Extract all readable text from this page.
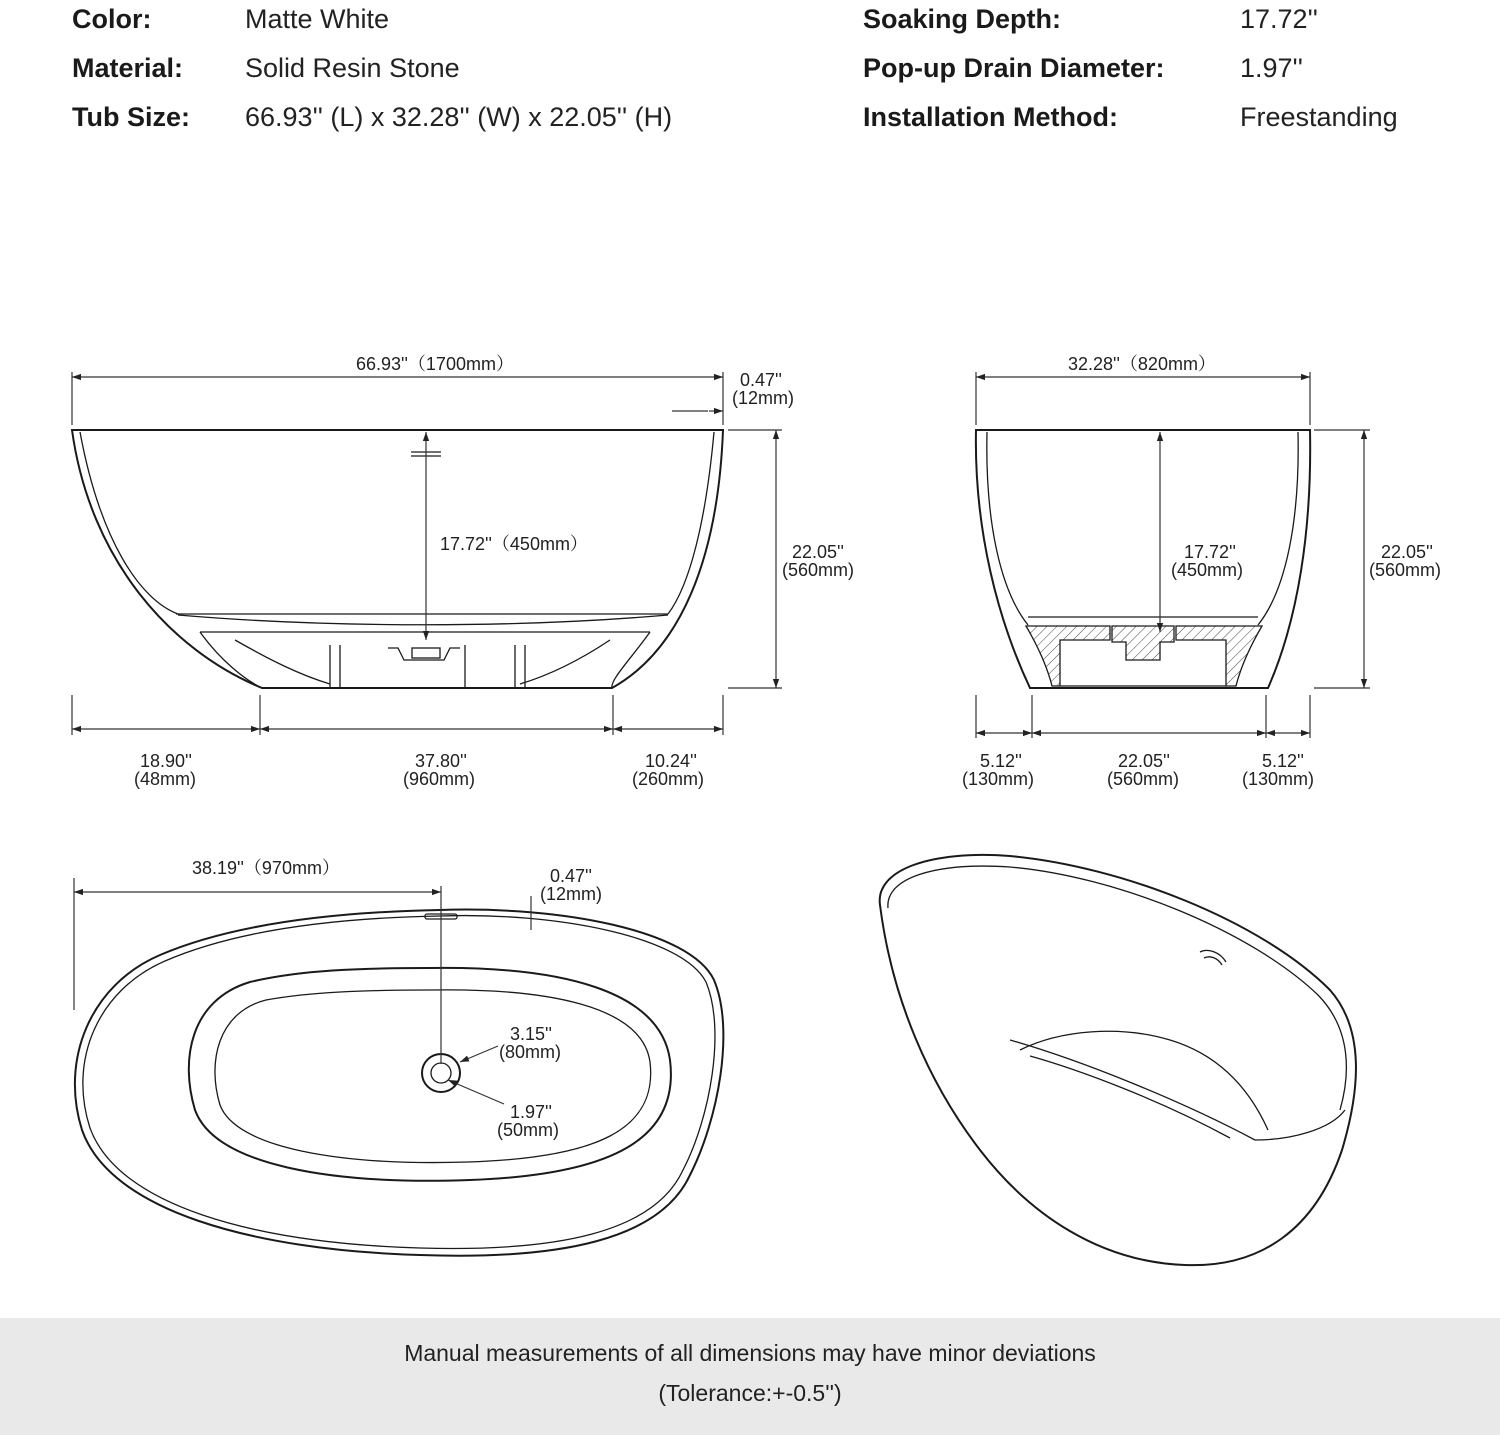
Color:	Matte White
Material: Solid Resin Stone
Tub Size: 66.93'' (L) x 32.28'' (W) x 22.05'' (H)
Soaking Depth:	17.72''
Pop-up Drain Diameter:	1.97''
Installation Method:	Freestanding
17.72''（450mm）
66.93''（1700mm）
0.47''
(12mm)
22.05''
(560mm)
18.90''
(48mm)
37.80''
(960mm)
10.24''
(260mm)
17.72''
(450mm)
32.28''（820mm）
22.05''
(560mm)
5.12''
(130mm)
22.05''
(560mm)
5.12''
(130mm)
38.19''（970mm）	0.47''
(12mm)
3.15''
(80mm)
1.97''
(50mm)
Manual measurements of all dimensions may have minor deviations
(Tolerance:+-0.5'')
